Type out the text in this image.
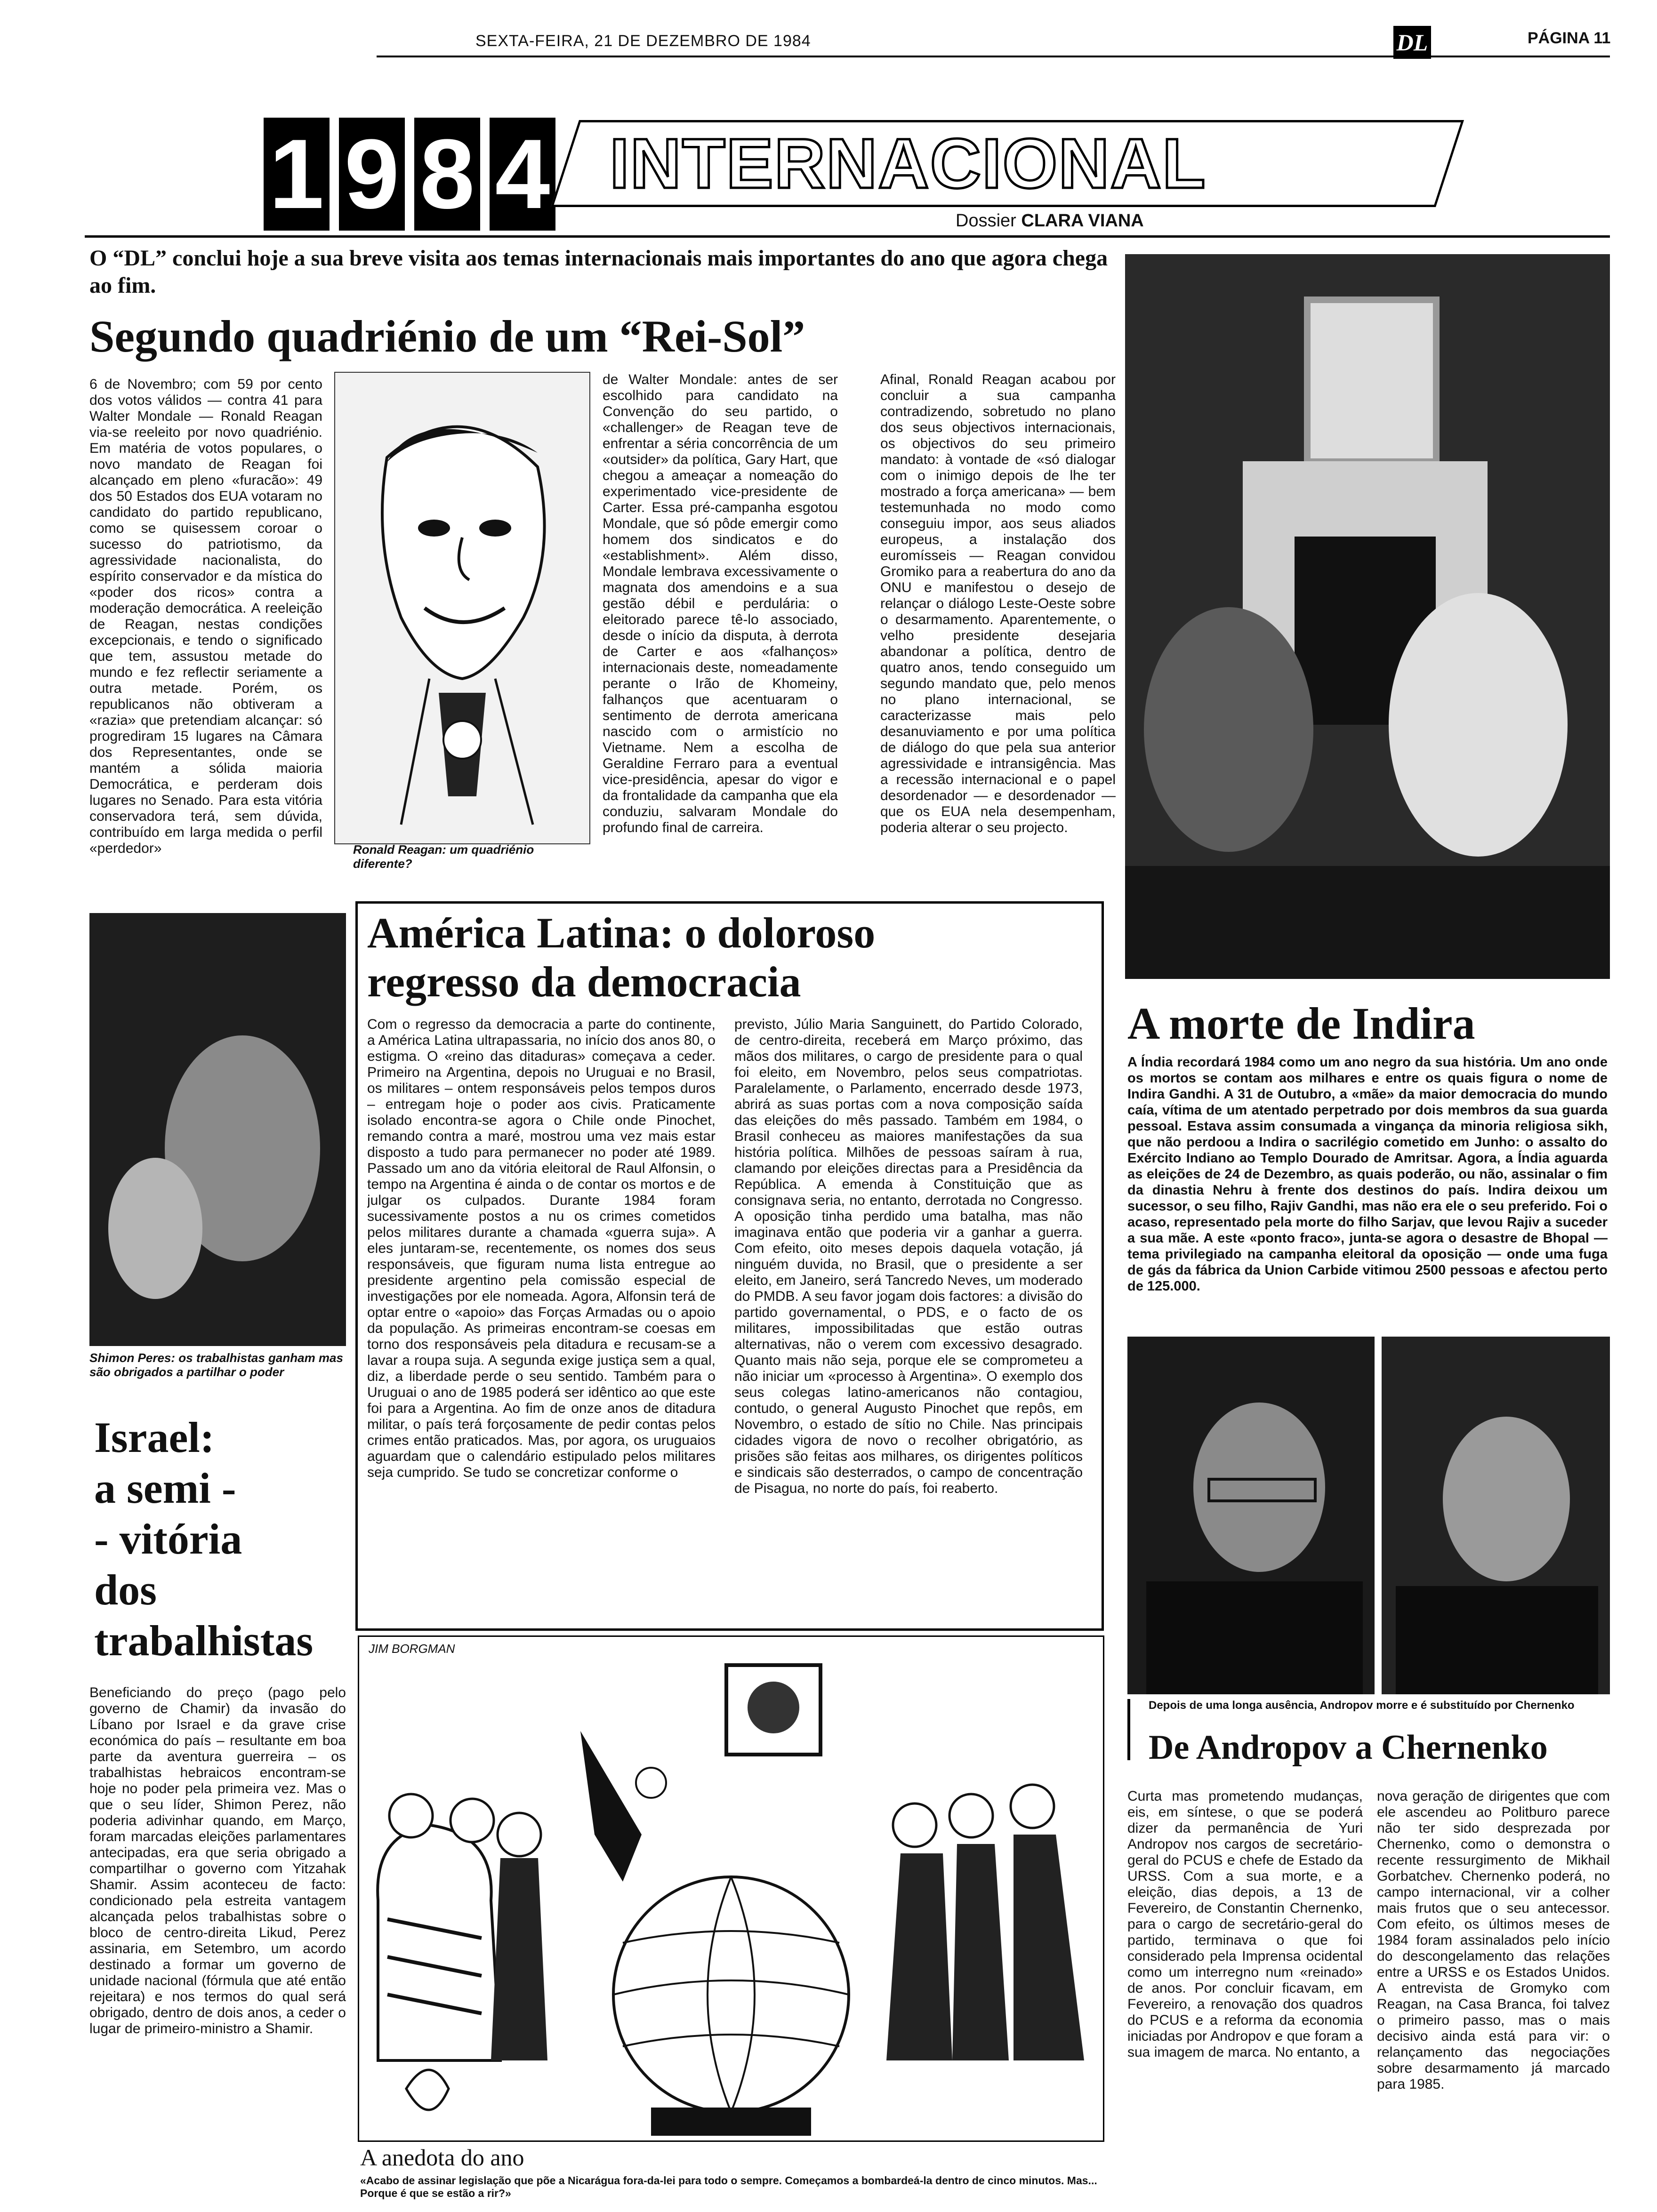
SEXTA-FEIRA, 21 DE DEZEMBRO DE 1984	DL	PÁGINA 11
1 9 8 4 INTERNACIONAL
Dossier CLARA VIANA
O “DL” conclui hoje a sua breve visita aos temas internacionais mais importantes do ano que agora chega ao fim.
Segundo quadriénio de um “Rei-Sol”
6 de Novembro; com 59 por cento dos votos válidos — contra 41 para Walter Mondale — Ronald Reagan via-se reeleito por novo quadriénio. Em matéria de votos populares, o novo mandato de Reagan foi alcançado em pleno «furacão»: 49 dos 50 Estados dos EUA votaram no candidato do partido republicano, como se quisessem coroar o sucesso do patriotismo, da agressividade nacionalista, do espírito conservador e da mística do «poder dos ricos» contra a moderação democrática. A reeleição de Reagan, nestas condições excepcionais, e tendo o significado que tem, assustou metade do mundo e fez reflectir seriamente a outra metade. Porém, os republicanos não obtiveram a «razia» que pretendiam alcançar: só progrediram 15 lugares na Câmara dos Representantes, onde se mantém a sólida maioria Democrática, e perderam dois lugares no Senado. Para esta vitória conservadora terá, sem dúvida, contribuído em larga medida o perfil «perdedor»	Ronald Reagan: um quadriénio diferente?
de Walter Mondale: antes de ser escolhido para candidato na Convenção do seu partido, o «challenger» de Reagan teve de enfrentar a séria concorrência de um «outsider» da política, Gary Hart, que chegou a ameaçar a nomeação do experimentado vice-presidente de Carter. Essa pré-campanha esgotou Mondale, que só pôde emergir como homem dos sindicatos e do «establishment». Além disso, Mondale lembrava excessivamente o magnata dos amendoins e a sua gestão débil e perdulária: o eleitorado parece tê-lo associado, desde o início da disputa, à derrota de Carter e aos «falhanços» internacionais deste, nomeadamente perante o Irão de Khomeiny, falhanços que acentuaram o sentimento de derrota americana nascido com o armistício no Vietname. Nem a escolha de Geraldine Ferraro para a eventual vice-presidência, apesar do vigor e da frontalidade da campanha que ela conduziu, salvaram Mondale do profundo final de carreira.
Afinal, Ronald Reagan acabou por concluir a sua campanha contradizendo, sobretudo no plano dos seus objectivos internacionais, os objectivos do seu primeiro mandato: à vontade de «só dialogar com o inimigo depois de lhe ter mostrado a força americana» — bem testemunhada no modo como conseguiu impor, aos seus aliados europeus, a instalação dos euromísseis — Reagan convidou Gromiko para a reabertura do ano da ONU e manifestou o desejo de relançar o diálogo Leste-Oeste sobre o desarmamento. Aparentemente, o velho presidente desejaria abandonar a política, dentro de quatro anos, tendo conseguido um segundo mandato que, pelo menos no plano internacional, se caracterizasse mais pelo desanuviamento e por uma política de diálogo do que pela sua anterior agressividade e intransigência. Mas a recessão internacional e o papel desordenador — e desordenador — que os EUA nela desempenham, poderia alterar o seu projecto.
Shimon Peres: os trabalhistas ganham mas são obrigados a partilhar o poder
Israel:
a semi -
- vitória
dos
trabalhistas
Beneficiando do preço (pago pelo governo de Chamir) da invasão do Líbano por Israel e da grave crise económica do país – resultante em boa parte da aventura guerreira – os trabalhistas hebraicos encontram-se hoje no poder pela primeira vez. Mas o que o seu líder, Shimon Perez, não poderia adivinhar quando, em Março, foram marcadas eleições parlamentares antecipadas, era que seria obrigado a compartilhar o governo com Yitzahak Shamir. Assim aconteceu de facto: condicionado pela estreita vantagem alcançada pelos trabalhistas sobre o bloco de centro-direita Likud, Perez assinaria, em Setembro, um acordo destinado a formar um governo de unidade nacional (fórmula que até então rejeitara) e nos termos do qual será obrigado, dentro de dois anos, a ceder o lugar de primeiro-ministro a Shamir.
América Latina: o doloroso
regresso da democracia
Com o regresso da democracia a parte do continente, a América Latina ultrapassaria, no início dos anos 80, o estigma. O «reino das ditaduras» começava a ceder. Primeiro na Argentina, depois no Uruguai e no Brasil, os militares – ontem responsáveis pelos tempos duros – entregam hoje o poder aos civis. Praticamente isolado encontra-se agora o Chile onde Pinochet, remando contra a maré, mostrou uma vez mais estar disposto a tudo para permanecer no poder até 1989. Passado um ano da vitória eleitoral de Raul Alfonsin, o tempo na Argentina é ainda o de contar os mortos e de julgar os culpados. Durante 1984 foram sucessivamente postos a nu os crimes cometidos pelos militares durante a chamada «guerra suja». A eles juntaram-se, recentemente, os nomes dos seus responsáveis, que figuram numa lista entregue ao presidente argentino pela comissão especial de investigações por ele nomeada. Agora, Alfonsin terá de optar entre o «apoio» das Forças Armadas ou o apoio da população. As primeiras encontram-se coesas em torno dos responsáveis pela ditadura e recusam-se a lavar a roupa suja. A segunda exige justiça sem a qual, diz, a liberdade perde o seu sentido. Também para o Uruguai o ano de 1985 poderá ser idêntico ao que este foi para a Argentina. Ao fim de onze anos de ditadura militar, o país terá forçosamente de pedir contas pelos crimes então praticados. Mas, por agora, os uruguaios aguardam que o calendário estipulado pelos militares seja cumprido. Se tudo se concretizar conforme o
previsto, Júlio Maria Sanguinett, do Partido Colorado, de centro-direita, receberá em Março próximo, das mãos dos militares, o cargo de presidente para o qual foi eleito, em Novembro, pelos seus compatriotas. Paralelamente, o Parlamento, encerrado desde 1973, abrirá as suas portas com a nova composição saída das eleições do mês passado. Também em 1984, o Brasil conheceu as maiores manifestações da sua história política. Milhões de pessoas saíram à rua, clamando por eleições directas para a Presidência da República. A emenda à Constituição que as consignava seria, no entanto, derrotada no Congresso. A oposição tinha perdido uma batalha, mas não imaginava então que poderia vir a ganhar a guerra. Com efeito, oito meses depois daquela votação, já ninguém duvida, no Brasil, que o presidente a ser eleito, em Janeiro, será Tancredo Neves, um moderado do PMDB. A seu favor jogam dois factores: a divisão do partido governamental, o PDS, e o facto de os militares, impossibilitadas que estão outras alternativas, não o verem com excessivo desagrado. Quanto mais não seja, porque ele se comprometeu a não iniciar um «processo à Argentina». O exemplo dos seus colegas latino-americanos não contagiou, contudo, o general Augusto Pinochet que repôs, em Novembro, o estado de sítio no Chile. Nas principais cidades vigora de novo o recolher obrigatório, as prisões são feitas aos milhares, os dirigentes políticos e sindicais são desterrados, o campo de concentração de Pisagua, no norte do país, foi reaberto.
JIM BORGMAN
A anedota do ano
«Acabo de assinar legislação que põe a Nicarágua fora-da-lei para todo o sempre. Começamos a bombardeá-la dentro de cinco minutos. Mas... Porque é que se estão a rir?»
A morte de Indira
A Índia recordará 1984 como um ano negro da sua história. Um ano onde os mortos se contam aos milhares e entre os quais figura o nome de Indira Gandhi. A 31 de Outubro, a «mãe» da maior democracia do mundo caía, vítima de um atentado perpetrado por dois membros da sua guarda pessoal. Estava assim consumada a vingança da minoria religiosa sikh, que não perdoou a Indira o sacrilégio cometido em Junho: o assalto do Exército Indiano ao Templo Dourado de Amritsar. Agora, a Índia aguarda as eleições de 24 de Dezembro, as quais poderão, ou não, assinalar o fim da dinastia Nehru à frente dos destinos do país. Indira deixou um sucessor, o seu filho, Rajiv Gandhi, mas não era ele o seu preferido. Foi o acaso, representado pela morte do filho Sarjav, que levou Rajiv a suceder a sua mãe. A este «ponto fraco», junta-se agora o desastre de Bhopal — tema privilegiado na campanha eleitoral da oposição — onde uma fuga de gás da fábrica da Union Carbide vitimou 2500 pessoas e afectou perto de 125.000.
Depois de uma longa ausência, Andropov morre e é substituído por Chernenko
De Andropov a Chernenko
Curta mas prometendo mudanças, eis, em síntese, o que se poderá dizer da permanência de Yuri Andropov nos cargos de secretário-geral do PCUS e chefe de Estado da URSS. Com a sua morte, e a eleição, dias depois, a 13 de Fevereiro, de Constantin Chernenko, para o cargo de secretário-geral do partido, terminava o que foi considerado pela Imprensa ocidental como um interregno num «reinado» de anos. Por concluir ficavam, em Fevereiro, a renovação dos quadros do PCUS e a reforma da economia iniciadas por Andropov e que foram a sua imagem de marca. No entanto, a
nova geração de dirigentes que com ele ascendeu ao Politburo parece não ter sido desprezada por Chernenko, como o demonstra o recente ressurgimento de Mikhail Gorbatchev. Chernenko poderá, no campo internacional, vir a colher mais frutos que o seu antecessor. Com efeito, os últimos meses de 1984 foram assinalados pelo início do descongelamento das relações entre a URSS e os Estados Unidos. A entrevista de Gromyko com Reagan, na Casa Branca, foi talvez o primeiro passo, mas o mais decisivo ainda está para vir: o relançamento das negociações sobre desarmamento já marcado para 1985.
